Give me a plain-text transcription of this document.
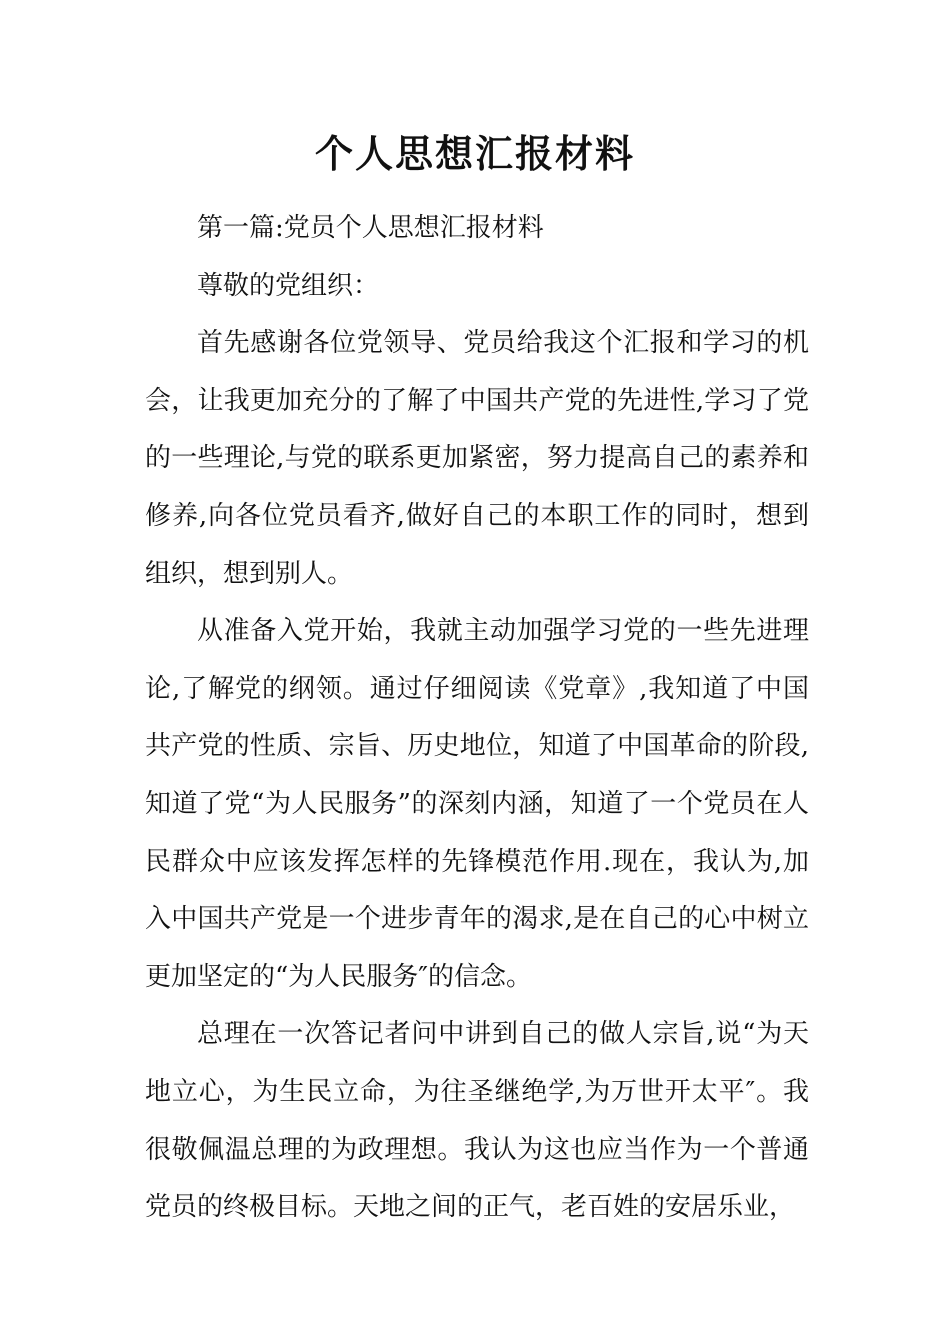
个人思想汇报材料

第一篇:党员个人思想汇报材料

尊敬的党组织：

首先感谢各位党领导、党员给我这个汇报和学习的机会，让我更加充分的了解了中国共产党的先进性,学习了党的一些理论,与党的联系更加紧密，努力提高自己的素养和修养,向各位党员看齐,做好自己的本职工作的同时，想到组织，想到别人。

从准备入党开始，我就主动加强学习党的一些先进理论,了解党的纲领。通过仔细阅读《党章》,我知道了中国共产党的性质、宗旨、历史地位，知道了中国革命的阶段,知道了党“为人民服务”的深刻内涵，知道了一个党员在人民群众中应该发挥怎样的先锋模范作用.现在，我认为,加入中国共产党是一个进步青年的渴求,是在自己的心中树立更加坚定的“为人民服务″的信念。

总理在一次答记者问中讲到自己的做人宗旨,说“为天地立心，为生民立命，为往圣继绝学,为万世开太平″。我很敬佩温总理的为政理想。我认为这也应当作为一个普通党员的终极目标。天地之间的正气，老百姓的安居乐业，
